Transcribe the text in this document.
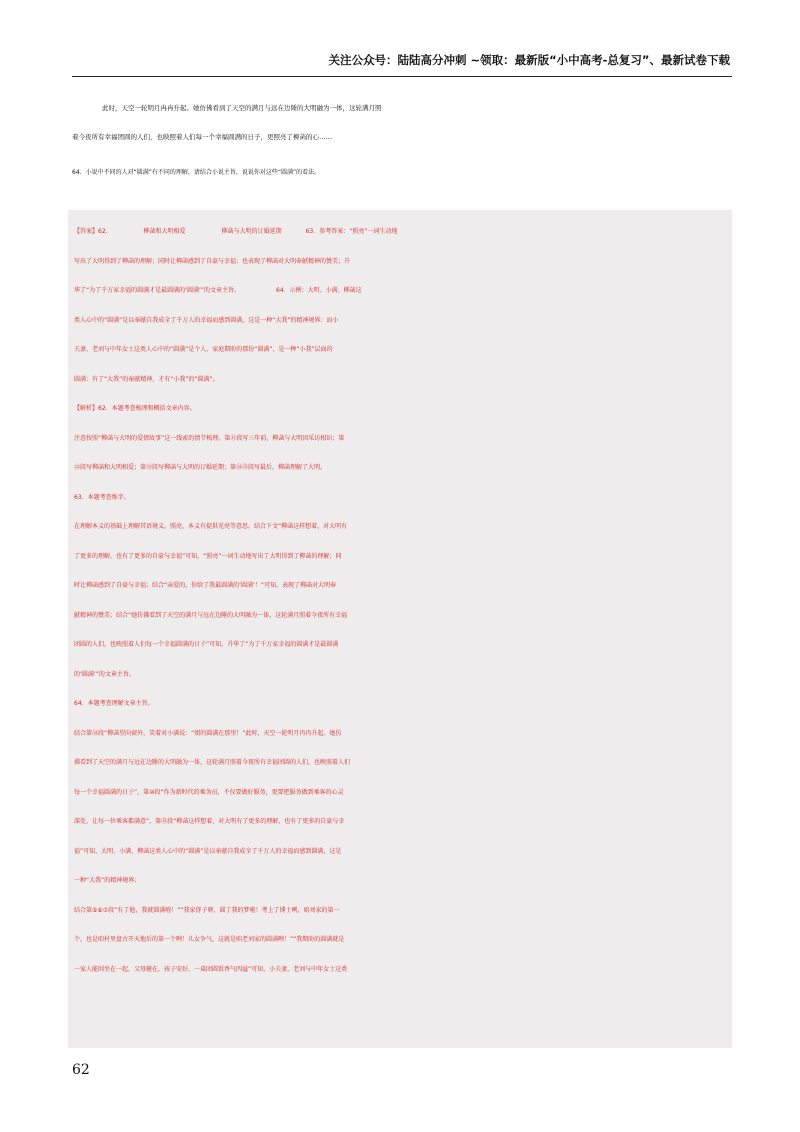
关注公众号：陆陆高分冲刺 ~领取：最新版“小中高考-总复习”、最新试卷下载
此时，天空一轮明月冉冉升起。她仿佛看到了天空的满月与远在边陲的大明融为一体，这轮满月照
着今夜所有幸福团圆的人们，也映照着人们每一个幸福圆满的日子，更照亮了柳菡的心……
64．小说中不同的人对“圆满”有不同的理解，请结合小说主旨，说说你对这些“圆满”的看法。
【答案】62.	柳菡和大明相爱	柳菡与大明的订婚延期	63．参考答案：“照亮”一词生动地
写出了大明得到了柳菡的理解；同时让柳菡感到了自豪与幸福；也表现了柳菡对大明奉献精神的赞美；升
华了“为了千万家幸福的圆满才是最圆满的‘圆满’”的文章主旨。	64．示例：大明、小满、柳菡这
类人心中的“圆满”是以奉献自我成全了千万人的幸福而感到圆满，这是一种“大我”的精神境界：而小
夫妻、老刘与中年女士这类人心中的“圆满”是个人、家庭期盼的那份“圆满”，是一种“小我”层面的
圆满：有了“大我”的奉献精神，才有“小我”的“圆满”。
【解析】62．本题考查梳理和概括文章内容。
注意按照“柳菡与大明的爱情故事”这一线索的情节梳理。第⑪段写三年前，柳菡与大明因采访相识；第
⑫段写柳菡和大明相爱；第⑬段写柳菡与大明的订婚延期；第⑭⑮段写最后，柳菡理解了大明。
63．本题考查炼字。
在理解本义的基础上理解其语境义。照亮，本义有提供光亮等意思。结合下文“柳菡这样想着，对大明有
了更多的理解，也有了更多的自豪与幸福”可知，“照亮”一词生动地写出了大明得到了柳菡的理解；同
时让柳菡感到了自豪与幸福；结合“亲爱的，你给了我最圆满的‘圆满’！”可知，表现了柳菡对大明奉
献精神的赞美；结合“她仿佛看到了天空的满月与远在边陲的大明融为一体，这轮满月照着今夜所有幸福
团圆的人们，也映照着人们每一个幸福圆满的日子”可知，升华了“为了千万家幸福的圆满才是最圆满
的‘圆满’”的文章主旨。
64．本题考查理解文章主旨。
结合第⑭段“柳菡望向窗外，笑着对小满说：“姐的圆满在那里！”此时，天空一轮明月冉冉升起。她仿
佛看到了天空的满月与远在边陲的大明融为一体，这轮满月照着今夜所有幸福团圆的人们，也映照着人们
每一个幸福圆满的日子”，第⑩段“作为新时代的乘务员，不仅要做好服务，更要把服务做到乘客的心灵
深处，让每一位乘客都满意”，第⑮段“柳菡这样想着，对大明有了更多的理解，也有了更多的自豪与幸
福”可知，大明、小满、柳菡这类人心中的“圆满”是以奉献自我成全了千万人的幸福而感到圆满，这是
一种“大我”的精神境界；
结合第⑤⑥⑦段“有了他，我就圆满啦！”“我家伢子呀，圆了我的梦啦！考上了博士咧，咱刘家的第一
个，也是咱村里盘古开天地后的第一个咧！儿女争气，这就是咱老刘家的圆满咧！”“我期盼的圆满就是
一家人能围坐在一起，父母健在，孩子安好，一桌团圆饭香气四溢”可知，小夫妻、老刘与中年女士这类
62
